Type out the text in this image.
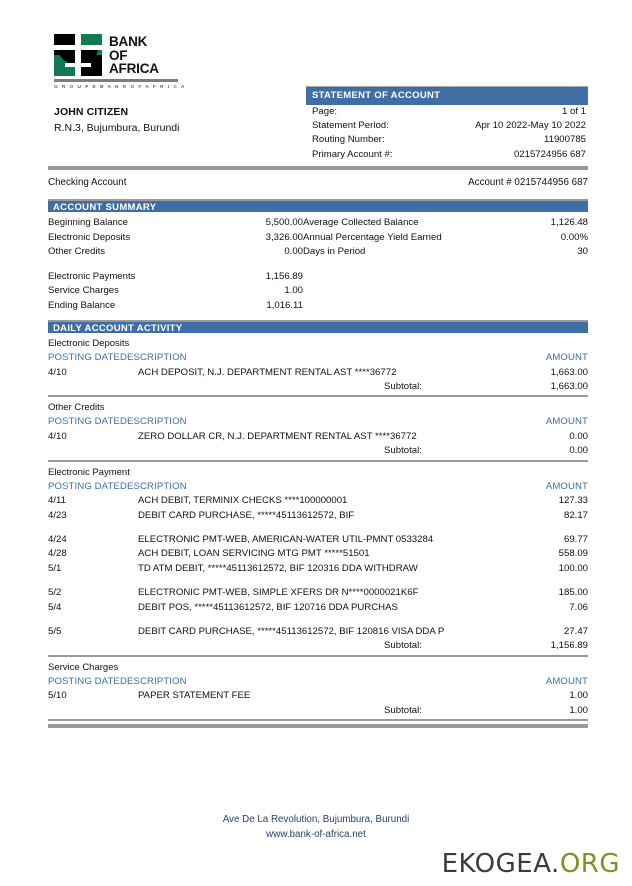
BANK
OF
AFRICA
G R O U P E B A N K O F A F R I C A
JOHN CITIZEN
R.N.3, Bujumbura, Burundi
STATEMENT OF ACCOUNT
Page:	1 of 1
Statement Period:	Apr 10 2022-May 10 2022
Routing Number:	11900785
Primary Account #:	0215724956 687
Checking Account	Account # 0215744956 687
ACCOUNT SUMMARY
Beginning Balance	5,500.00
Electronic Deposits	3,326.00
Other Credits	0.00
Electronic Payments	1,156.89
Service Charges	1.00
Ending Balance	1,016.11
Average Collected Balance	1,126.48
Annual Percentage Yield Earned	0.00%
Days in Period	30
DAILY ACCOUNT ACTIVITY
Electronic Deposits
POSTING DATE DESCRIPTION	AMOUNT
4/10	ACH DEPOSIT, N.J. DEPARTMENT RENTAL AST ****36772	1,663.00
Subtotal:	1,663.00
Other Credits
POSTING DATE DESCRIPTION	AMOUNT
4/10	ZERO DOLLAR CR, N.J. DEPARTMENT RENTAL AST ****36772	0.00
Subtotal:	0.00
Electronic Payment
POSTING DATE DESCRIPTION	AMOUNT
4/11	ACH DEBIT, TERMINIX CHECKS ****100000001	127.33
4/23	DEBIT CARD PURCHASE, *****45113612572, BIF	82.17

4/24	ELECTRONIC PMT-WEB, AMERICAN-WATER UTIL-PMNT 0533284	69.77
4/28	ACH DEBIT, LOAN SERVICING MTG PMT *****51501	558.09
5/1	TD ATM DEBIT, *****45113612572, BIF 120316 DDA WITHDRAW	100.00

5/2	ELECTRONIC PMT-WEB, SIMPLE XFERS DR N****0000021K6F	185.00
5/4	DEBIT POS, *****45113612572, BIF 120716 DDA PURCHAS	7.06

5/5	DEBIT CARD PURCHASE, *****45113612572, BIF 120816 VISA DDA P	27.47
Subtotal:	1,156.89
Service Charges
POSTING DATE DESCRIPTION	AMOUNT
5/10	PAPER STATEMENT FEE	1.00
Subtotal:	1.00
Ave De La Revolution, Bujumbura, Burundi
www.bank-of-africa.net
EKOGEA.ORG
